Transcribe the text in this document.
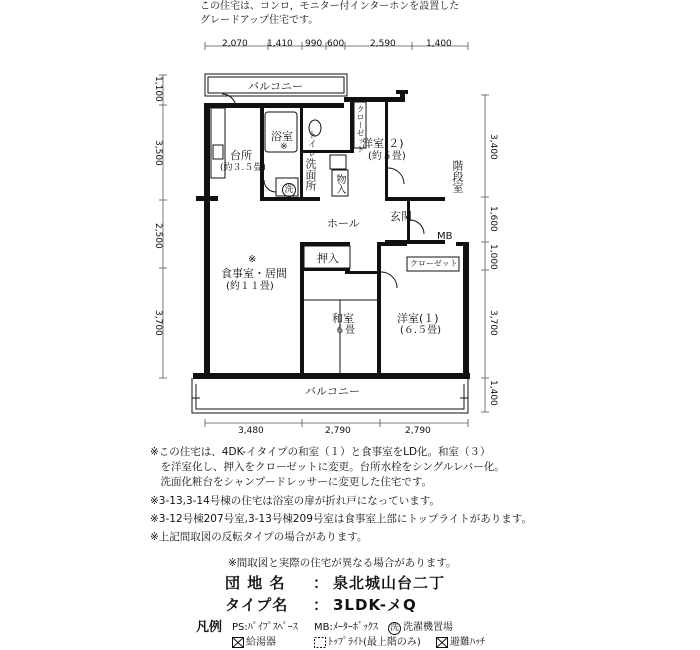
この住宅は、コンロ，モニター付インターホンを設置した
グレードアップ住宅です。
2,070 1,410 990 600	2,590	1,400
3,480	2,790	2,790
1,100
3,500
2,500
3,700
3,400
1,600
1,000
3,700
1,400
バルコニー
バルコニー
台所
(約３.５畳)
浴室
※ トイレ	クローゼット
洋室(２)
(約５畳)
洗面所
洗	物入	階段室
ホール
玄関
MB
押入	クローゼット
※
食事室・居間
(約１１畳)
和室
６畳
洋室(１)
(６.５畳)
※この住宅は、4DK-イタイプの和室（１）と食事室をLD化。和室（３）
　を洋室化し、押入をクローゼットに変更。台所水栓をシングルレバー化。
　洗面化粧台をシャンプードレッサーに変更した住宅です。
※3-13,3-14号棟の住宅は浴室の扉が折れ戸になっています。
※3-12号棟207号室,3-13号棟209号室は食事室上部にトップライトがあります。
※上記間取図の反転タイプの場合があります。
※間取図と実際の住宅が異なる場合があります。
団 地 名 ： 泉北城山台二丁
タイプ名 ： 3LDK-メQ
凡例 PS:ﾊﾟｲﾌﾟｽﾍﾟｰｽ MB:ﾒｰﾀｰﾎﾞｯｸｽ 洗 洗濯機置場
給湯器	ﾄｯﾌﾟﾗｲﾄ(最上階のみ)	避難ﾊｯﾁ
